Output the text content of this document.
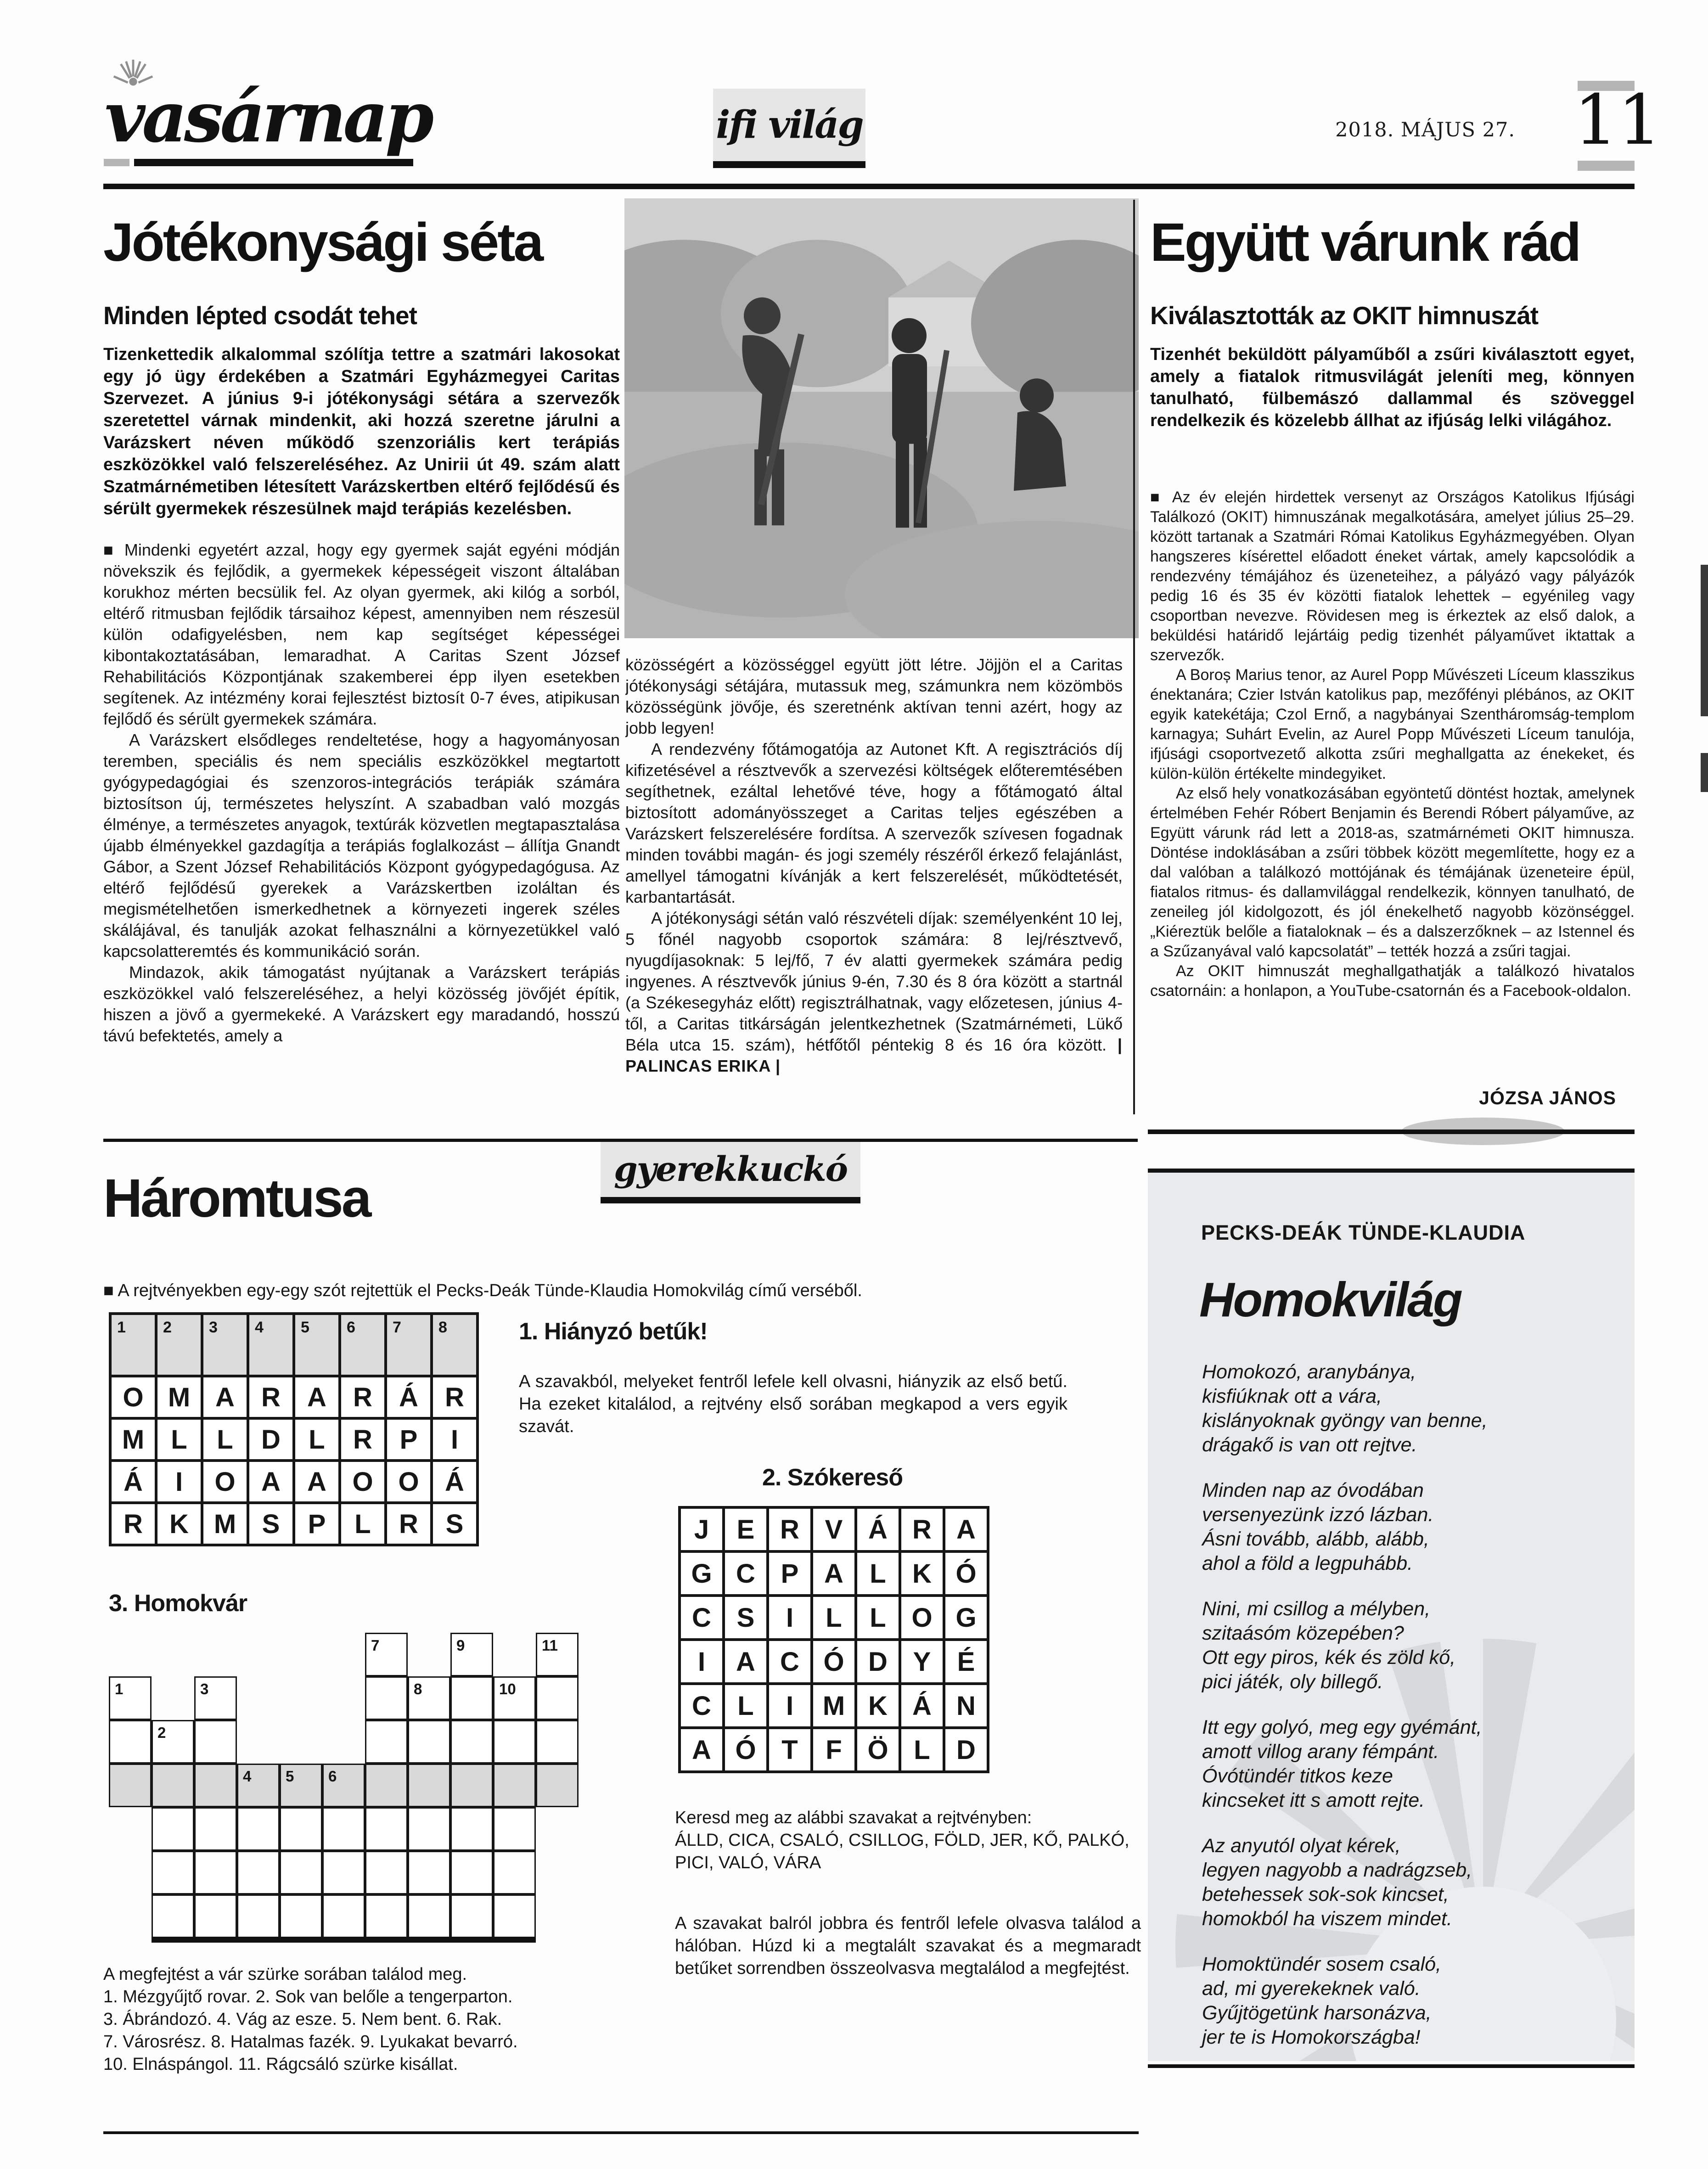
vasárnap	ifi világ	2018. MÁJUS 27. 11
Jótékonysági séta
Minden lépted csodát tehet

Tizenkettedik alkalommal szólítja tettre a szatmári lakosokat egy jó ügy érdekében a Szatmári Egyházmegyei Caritas Szervezet. A június 9-i jótékonysági sétára a szervezők szeretettel várnak mindenkit, aki hozzá szeretne járulni a Varázskert néven működő szenzoriális kert terápiás eszközökkel való felszereléséhez. Az Unirii út 49. szám alatt Szatmárnémetiben létesített Varázskertben eltérő fejlődésű és sérült gyermekek részesülnek majd terápiás kezelésben.

■ Mindenki egyetért azzal, hogy egy gyermek saját egyéni módján növekszik és fejlődik, a gyermekek képességeit viszont általában korukhoz mérten becsülik fel. Az olyan gyermek, aki kilóg a sorból, eltérő ritmusban fejlődik társaihoz képest, amennyiben nem részesül külön odafigyelésben, nem kap segítséget képességei kibontakoztatásában, lemaradhat. A Caritas Szent József Rehabilitációs Központjának szakemberei épp ilyen esetekben segítenek. Az intézmény korai fejlesztést biztosít 0-7 éves, atipikusan fejlődő és sérült gyermekek számára.

A Varázskert elsődleges rendeltetése, hogy a hagyományosan teremben, speciális és nem speciális eszközökkel megtartott gyógypedagógiai és szenzoros-integrációs terápiák számára biztosítson új, természetes helyszínt. A szabadban való mozgás élménye, a természetes anyagok, textúrák közvetlen megtapasztalása újabb élményekkel gazdagítja a terápiás foglalkozást – állítja Gnandt Gábor, a Szent József Rehabilitációs Központ gyógypedagógusa. Az eltérő fejlődésű gyerekek a Varázskertben izoláltan és megismételhetően ismerkedhetnek a környezeti ingerek széles skálájával, és tanulják azokat felhasználni a környezetükkel való kapcsolatteremtés és kommunikáció során.

Mindazok, akik támogatást nyújtanak a Varázskert terápiás eszközökkel való felszereléséhez, a helyi közösség jövőjét építik, hiszen a jövő a gyermekeké. A Varázskert egy maradandó, hosszú távú befektetés, amely a

közösségért a közösséggel együtt jött létre. Jöjjön el a Caritas jótékonysági sétájára, mutassuk meg, számunkra nem közömbös közösségünk jövője, és szeretnénk aktívan tenni azért, hogy az jobb legyen!

A rendezvény főtámogatója az Autonet Kft. A regisztrációs díj kifizetésével a résztvevők a szervezési költségek előteremtésében segíthetnek, ezáltal lehetővé téve, hogy a főtámogató által biztosított adományösszeget a Caritas teljes egészében a Varázskert felszerelésére fordítsa. A szervezők szívesen fogadnak minden további magán- és jogi személy részéről érkező felajánlást, amellyel támogatni kívánják a kert felszerelését, működtetését, karbantartását.

A jótékonysági sétán való részvételi díjak: személyenként 10 lej, 5 főnél nagyobb csoportok számára: 8 lej/résztvevő, nyugdíjasoknak: 5 lej/fő, 7 év alatti gyermekek számára pedig ingyenes. A résztvevők június 9-én, 7.30 és 8 óra között a startnál (a Székesegyház előtt) regisztrálhatnak, vagy előzetesen, június 4-től, a Caritas titkárságán jelentkezhetnek (Szatmárnémeti, Lükő Béla utca 15. szám), hétfőtől péntekig 8 és 16 óra között. | PALINCAS ERIKA |

Együtt várunk rád
Kiválasztották az OKIT himnuszát

Tizenhét beküldött pályaműből a zsűri kiválasztott egyet, amely a fiatalok ritmusvilágát jeleníti meg, könnyen tanulható, fülbemászó dallammal és szöveggel rendelkezik és közelebb állhat az ifjúság lelki világához.

■ Az év elején hirdettek versenyt az Országos Katolikus Ifjúsági Találkozó (OKIT) himnuszának megalkotására, amelyet július 25–29. között tartanak a Szatmári Római Katolikus Egyházmegyében. Olyan hangszeres kísérettel előadott éneket vártak, amely kapcsolódik a rendezvény témájához és üzeneteihez, a pályázó vagy pályázók pedig 16 és 35 év közötti fiatalok lehettek – egyénileg vagy csoportban nevezve. Rövidesen meg is érkeztek az első dalok, a beküldési határidő lejártáig pedig tizenhét pályaművet iktattak a szervezők.

A Boroș Marius tenor, az Aurel Popp Művészeti Líceum klasszikus énektanára; Czier István katolikus pap, mezőfényi plébános, az OKIT egyik katekétája; Czol Ernő, a nagybányai Szentháromság-templom karnagya; Suhárt Evelin, az Aurel Popp Művészeti Líceum tanulója, ifjúsági csoportvezető alkotta zsűri meghallgatta az énekeket, és külön-külön értékelte mindegyiket.

Az első hely vonatkozásában egyöntetű döntést hoztak, amelynek értelmében Fehér Róbert Benjamin és Berendi Róbert pályaműve, az Együtt várunk rád lett a 2018-as, szatmárnémeti OKIT himnusza. Döntése indoklásában a zsűri többek között megemlítette, hogy ez a dal valóban a találkozó mottójának és témájának üzeneteire épül, fiatalos ritmus- és dallamvilággal rendelkezik, könnyen tanulható, de zeneileg jól kidolgozott, és jól énekelhető nagyobb közönséggel. „Kiéreztük belőle a fiataloknak – és a dalszerzőknek – az Istennel és a Szűzanyával való kapcsolatát” – tették hozzá a zsűri tagjai.

Az OKIT himnuszát meghallgathatják a találkozó hivatalos csatornáin: a honlapon, a YouTube-csatornán és a Facebook-oldalon.

JÓZSA JÁNOS
gyerekkuckó
Háromtusa

■ A rejtvényekben egy-egy szót rejtettük el Pecks-Deák Tünde-Klaudia Homokvilág című verséből.

1 2 3 4 5 6 7 8
O M A R A R Á R
M L L D L R P I
Á I O A A O O Á
R K M S P L R S
1. Hiányzó betűk!

A szavakból, melyeket fentről lefele kell olvasni, hiányzik az első betű. Ha ezeket kitalálod, a rejtvény első sorában megkapod a vers egyik szavát.

2. Szókereső
J E R V Á R A
G C P A L K Ó
C S I L L O G
I A C Ó D Y É
C L I M K Á N
A Ó T F Ö L D

Keresd meg az alábbi szavakat a rejtvényben:
ÁLLD, CICA, CSALÓ, CSILLOG, FÖLD, JER, KŐ, PALKÓ, PICI, VALÓ, VÁRA

A szavakat balról jobbra és fentről lefele olvasva találod a hálóban. Húzd ki a megtalált szavakat és a megmaradt betűket sorrendben összeolvasva megtalálod a megfejtést.

3. Homokvár
7	9	11
1	3	8	10
2
4 5 6
A megfejtést a vár szürke sorában találod meg.
1. Mézgyűjtő rovar. 2. Sok van belőle a tengerparton.
3. Ábrándozó. 4. Vág az esze. 5. Nem bent. 6. Rak.
7. Városrész. 8. Hatalmas fazék. 9. Lyukakat bevarró.
10. Elnáspángol. 11. Rágcsáló szürke kisállat.
PECKS-DEÁK TÜNDE-KLAUDIA
Homokvilág
Homokozó, aranybánya,
kisfiúknak ott a vára,
kislányoknak gyöngy van benne,
drágakő is van ott rejtve.
Minden nap az óvodában
versenyezünk izzó lázban.
Ásni tovább, alább, alább,
ahol a föld a legpuhább.
Nini, mi csillog a mélyben,
szitaásóm közepében?
Ott egy piros, kék és zöld kő,
pici játék, oly billegő.
Itt egy golyó, meg egy gyémánt,
amott villog arany fémpánt.
Óvótündér titkos keze
kincseket itt s amott rejte.
Az anyutól olyat kérek,
legyen nagyobb a nadrágzseb,
betehessek sok-sok kincset,
homokból ha viszem mindet.
Homoktündér sosem csaló,
ad, mi gyerekeknek való.
Gyűjtögetünk harsonázva,
jer te is Homokországba!
